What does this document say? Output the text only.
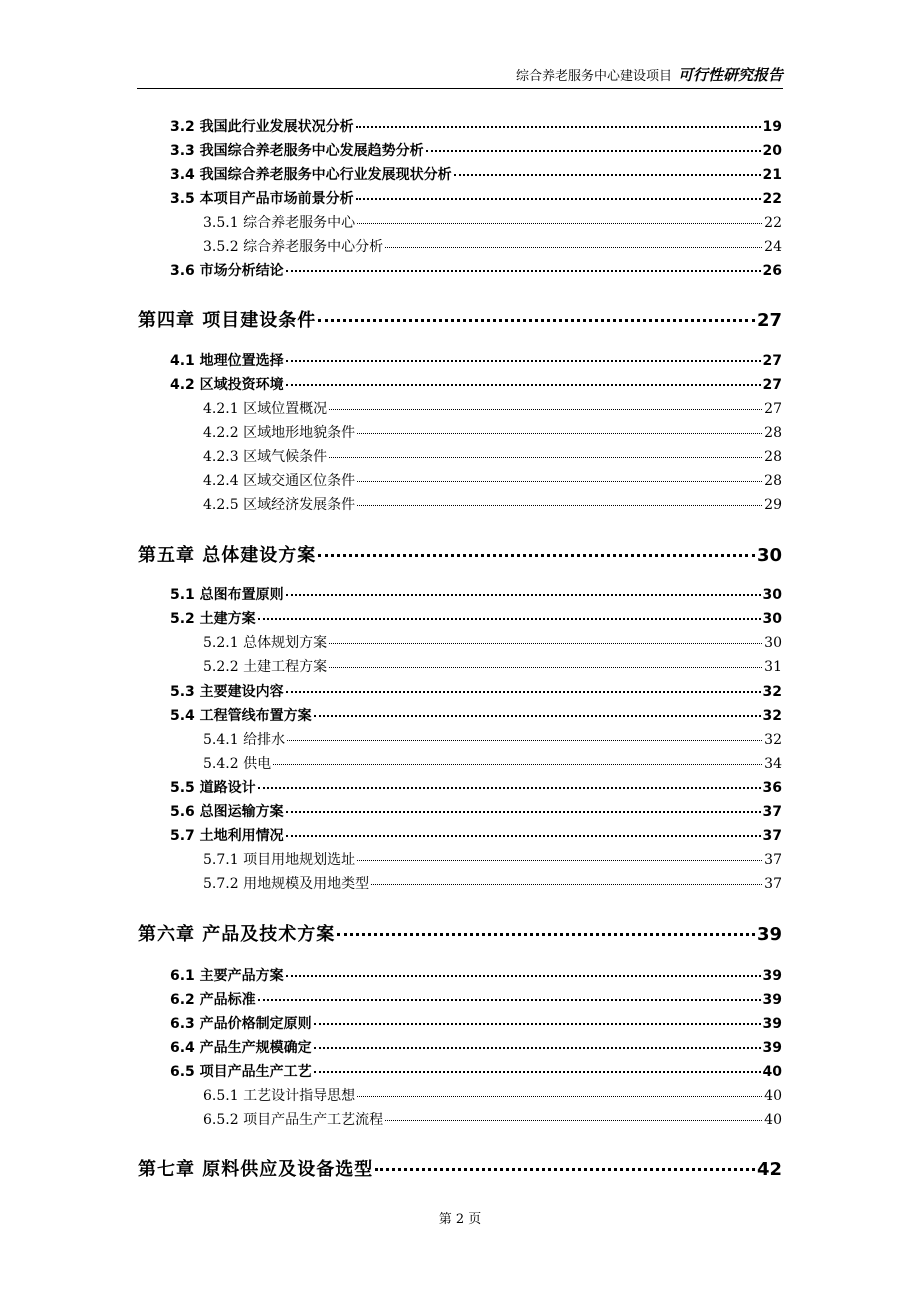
综合养老服务中心建设项目 可行性研究报告
3.2 我国此行业发展状况分析	19
3.3 我国综合养老服务中心发展趋势分析	20
3.4 我国综合养老服务中心行业发展现状分析	21
3.5 本项目产品市场前景分析	22
3.5.1 综合养老服务中心	22
3.5.2 综合养老服务中心分析	24
3.6 市场分析结论	26
第四章 项目建设条件	27
4.1 地理位置选择	27
4.2 区域投资环境	27
4.2.1 区域位置概况	27
4.2.2 区域地形地貌条件	28
4.2.3 区域气候条件	28
4.2.4 区域交通区位条件	28
4.2.5 区域经济发展条件	29
第五章 总体建设方案	30
5.1 总图布置原则	30
5.2 土建方案	30
5.2.1 总体规划方案	30
5.2.2 土建工程方案	31
5.3 主要建设内容	32
5.4 工程管线布置方案	32
5.4.1 给排水	32
5.4.2 供电	34
5.5 道路设计	36
5.6 总图运输方案	37
5.7 土地利用情况	37
5.7.1 项目用地规划选址	37
5.7.2 用地规模及用地类型	37
第六章 产品及技术方案	39
6.1 主要产品方案	39
6.2 产品标准	39
6.3 产品价格制定原则	39
6.4 产品生产规模确定	39
6.5 项目产品生产工艺	40
6.5.1 工艺设计指导思想	40
6.5.2 项目产品生产工艺流程	40
第七章 原料供应及设备选型	42
第 2 页
